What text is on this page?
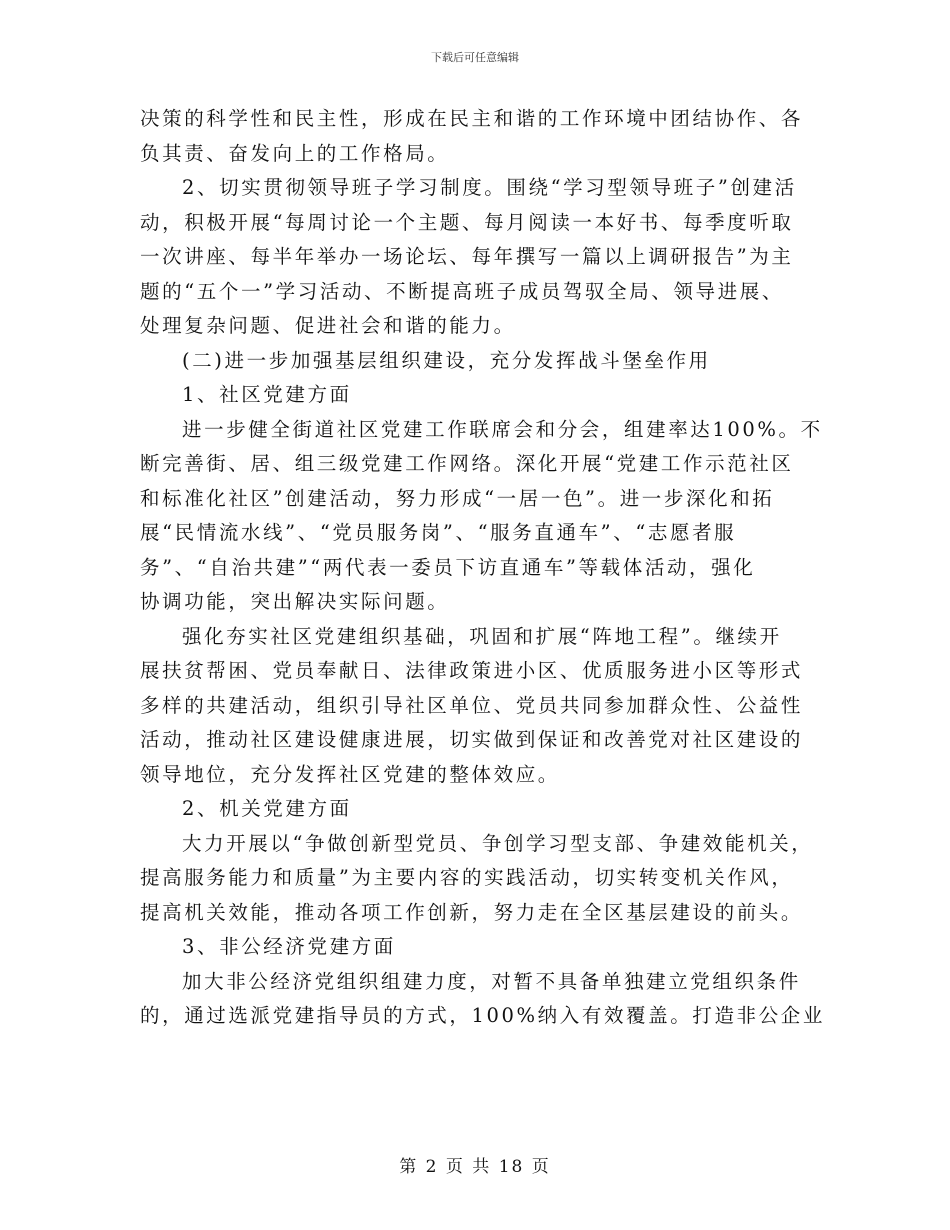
下载后可任意编辑

决策的科学性和民主性，形成在民主和谐的工作环境中团结协作、各

负其责、奋发向上的工作格局。

2、切实贯彻领导班子学习制度。围绕“学习型领导班子”创建活

动，积极开展“每周讨论一个主题、每月阅读一本好书、每季度听取

一次讲座、每半年举办一场论坛、每年撰写一篇以上调研报告”为主

题的“五个一”学习活动、不断提高班子成员驾驭全局、领导进展、

处理复杂问题、促进社会和谐的能力。

(二)进一步加强基层组织建设，充分发挥战斗堡垒作用

1、社区党建方面

进一步健全街道社区党建工作联席会和分会，组建率达100%。不

断完善街、居、组三级党建工作网络。深化开展“党建工作示范社区

和标准化社区”创建活动，努力形成“一居一色”。进一步深化和拓

展“民情流水线”、“党员服务岗”、“服务直通车”、“志愿者服

务”、“自治共建”“两代表一委员下访直通车”等载体活动，强化

协调功能，突出解决实际问题。

强化夯实社区党建组织基础，巩固和扩展“阵地工程”。继续开

展扶贫帮困、党员奉献日、法律政策进小区、优质服务进小区等形式

多样的共建活动，组织引导社区单位、党员共同参加群众性、公益性

活动，推动社区建设健康进展，切实做到保证和改善党对社区建设的

领导地位，充分发挥社区党建的整体效应。

2、机关党建方面

大力开展以“争做创新型党员、争创学习型支部、争建效能机关，

提高服务能力和质量”为主要内容的实践活动，切实转变机关作风，

提高机关效能，推动各项工作创新，努力走在全区基层建设的前头。

3、非公经济党建方面

加大非公经济党组织组建力度，对暂不具备单独建立党组织条件

的，通过选派党建指导员的方式，100%纳入有效覆盖。打造非公企业

第 2 页 共 18 页
